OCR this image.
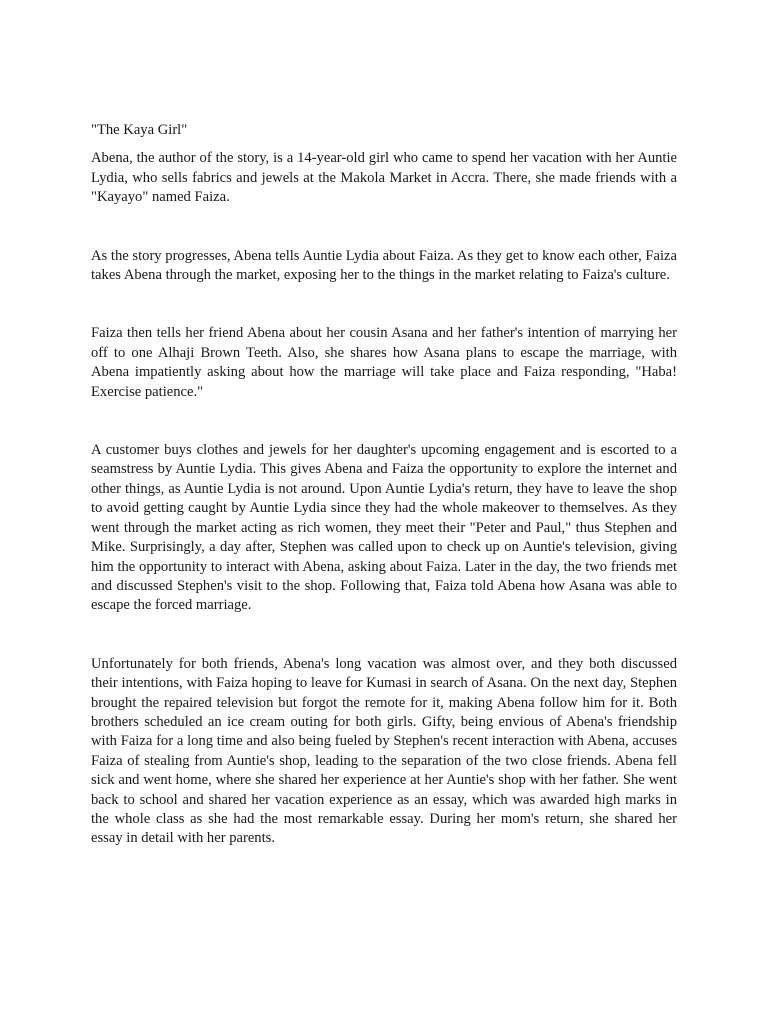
"The Kaya Girl"

Abena, the author of the story, is a 14-year-old girl who came to spend her vacation with her Auntie Lydia, who sells fabrics and jewels at the Makola Market in Accra. There, she made friends with a "Kayayo" named Faiza.

As the story progresses, Abena tells Auntie Lydia about Faiza. As they get to know each other, Faiza takes Abena through the market, exposing her to the things in the market relating to Faiza's culture.

Faiza then tells her friend Abena about her cousin Asana and her father's intention of marrying her off to one Alhaji Brown Teeth. Also, she shares how Asana plans to escape the marriage, with Abena impatiently asking about how the marriage will take place and Faiza responding, "Haba! Exercise patience."

A customer buys clothes and jewels for her daughter's upcoming engagement and is escorted to a seamstress by Auntie Lydia. This gives Abena and Faiza the opportunity to explore the internet and other things, as Auntie Lydia is not around. Upon Auntie Lydia's return, they have to leave the shop to avoid getting caught by Auntie Lydia since they had the whole makeover to themselves. As they went through the market acting as rich women, they meet their "Peter and Paul," thus Stephen and Mike. Surprisingly, a day after, Stephen was called upon to check up on Auntie's television, giving him the opportunity to interact with Abena, asking about Faiza. Later in the day, the two friends met and discussed Stephen's visit to the shop. Following that, Faiza told Abena how Asana was able to escape the forced marriage.

Unfortunately for both friends, Abena's long vacation was almost over, and they both discussed their intentions, with Faiza hoping to leave for Kumasi in search of Asana. On the next day, Stephen brought the repaired television but forgot the remote for it, making Abena follow him for it. Both brothers scheduled an ice cream outing for both girls. Gifty, being envious of Abena's friendship with Faiza for a long time and also being fueled by Stephen's recent interaction with Abena, accuses Faiza of stealing from Auntie's shop, leading to the separation of the two close friends. Abena fell sick and went home, where she shared her experience at her Auntie's shop with her father. She went back to school and shared her vacation experience as an essay, which was awarded high marks in the whole class as she had the most remarkable essay. During her mom's return, she shared her essay in detail with her parents.
